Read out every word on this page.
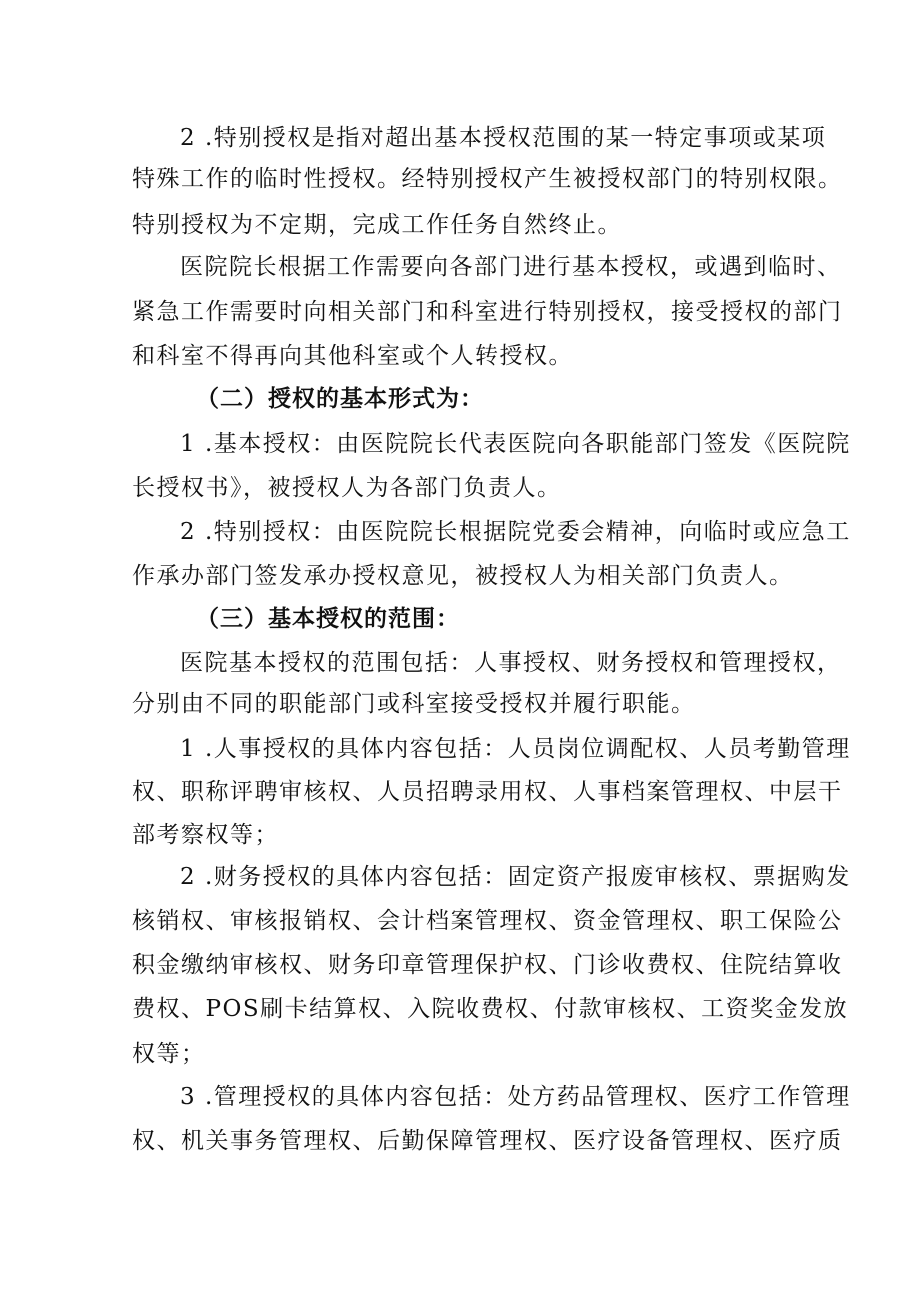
2 .特别授权是指对超出基本授权范围的某一特定事项或某项
特殊工作的临时性授权。经特别授权产生被授权部门的特别权限。
特别授权为不定期，完成工作任务自然终止。
医院院长根据工作需要向各部门进行基本授权，或遇到临时、
紧急工作需要时向相关部门和科室进行特别授权，接受授权的部门
和科室不得再向其他科室或个人转授权。
（二）授权的基本形式为：
1 .基本授权：由医院院长代表医院向各职能部门签发《医院院
长授权书》，被授权人为各部门负责人。
2 .特别授权：由医院院长根据院党委会精神，向临时或应急工
作承办部门签发承办授权意见，被授权人为相关部门负责人。
（三）基本授权的范围：
医院基本授权的范围包括：人事授权、财务授权和管理授权，
分别由不同的职能部门或科室接受授权并履行职能。
1 .人事授权的具体内容包括：人员岗位调配权、人员考勤管理
权、职称评聘审核权、人员招聘录用权、人事档案管理权、中层干
部考察权等；
2 .财务授权的具体内容包括：固定资产报废审核权、票据购发
核销权、审核报销权、会计档案管理权、资金管理权、职工保险公
积金缴纳审核权、财务印章管理保护权、门诊收费权、住院结算收
费权、POS刷卡结算权、入院收费权、付款审核权、工资奖金发放
权等；
3 .管理授权的具体内容包括：处方药品管理权、医疗工作管理
权、机关事务管理权、后勤保障管理权、医疗设备管理权、医疗质
